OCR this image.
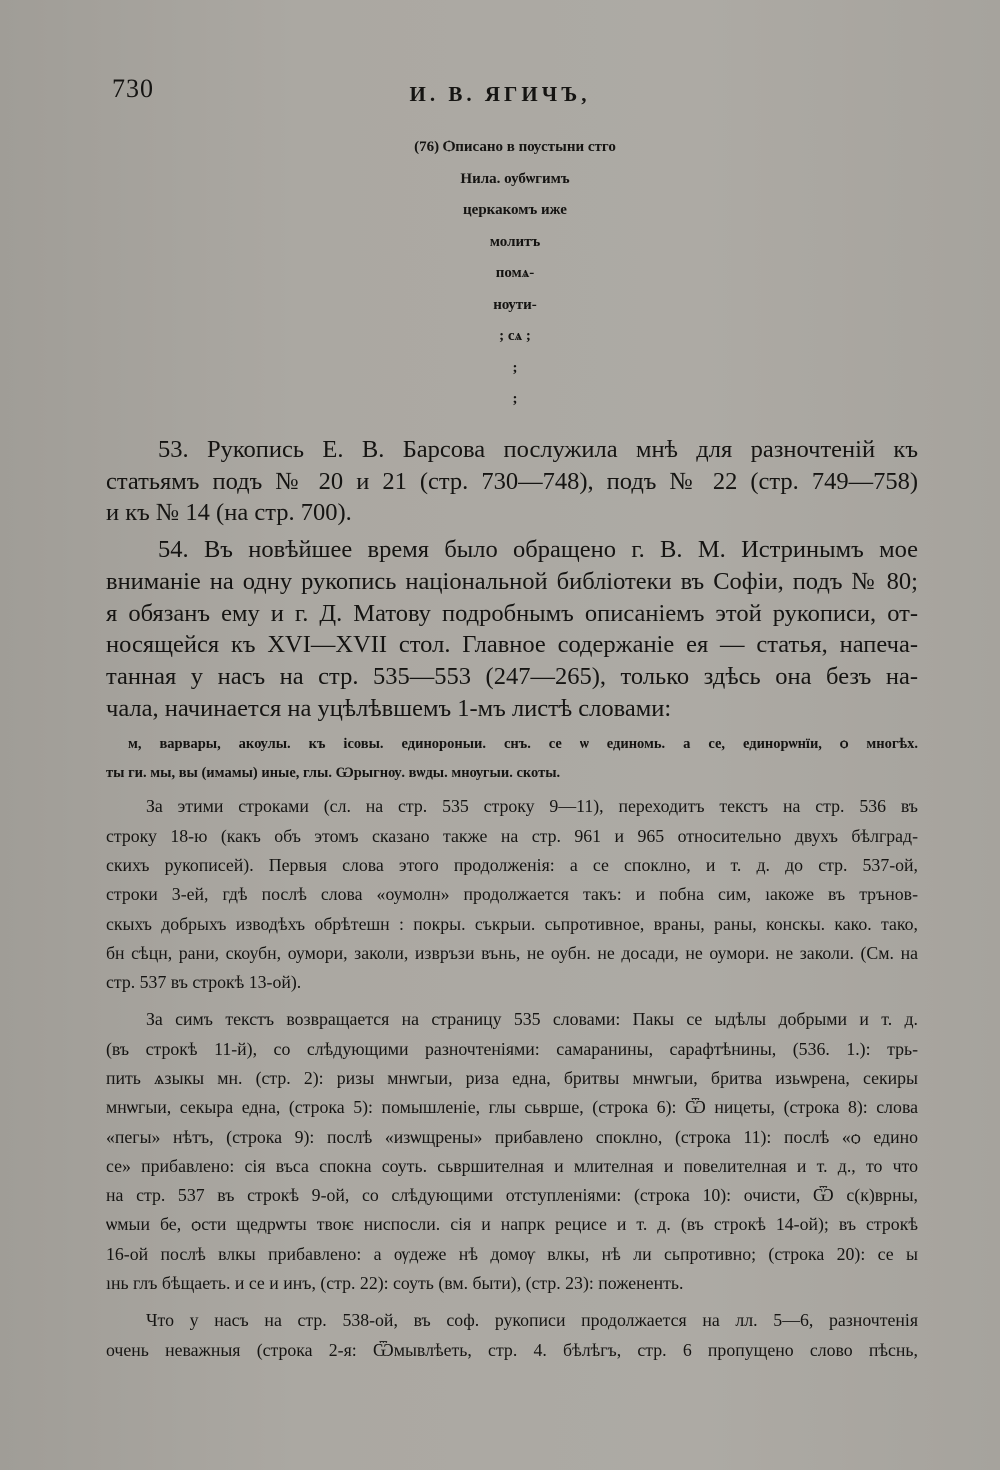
730	И. В. ЯГИЧЪ,
(76) Ѻписано в пѹстыни стго
Нила. оубѡгимъ
церкакомъ иже
молитъ
помѧ-
нѹти-
; сѧ ;
;
;
53. Рукопись Е. В. Барсова послужила мнѣ для разночтеній къ
статьямъ подъ № 20 и 21 (стр. 730—748), подъ № 22 (стр. 749—758)
и къ № 14 (на стр. 700).
54. Въ новѣйшее время было обращено г. В. М. Истринымъ мое
вниманіе на одну рукопись національной библіотеки въ Софіи, подъ № 80;
я обязанъ ему и г. Д. Матову подробнымъ описаніемъ этой рукописи, от-
носящейся къ XVI—XVII стол. Главное содержаніе ея — статья, напеча-
танная у насъ на стр. 535—553 (247—265), только здѣсь она безъ на-
чала, начинается на уцѣлѣвшемъ 1-мъ листѣ словами:
м, варвары, акѹлы. къ ісовы. единороныи. снъ. се ѡ единомь. а се, единорѡнїи, ѻ многѣх.
ты ги. мы, вы (имамы) иные, глы. Ѡрыгнѹ. вѡды. мнѹгыи. скоты.
За этими строками (сл. на стр. 535 строку 9—11), переходитъ текстъ на стр. 536 въ
строку 18-ю (какъ объ этомъ сказано также на стр. 961 и 965 относительно двухъ бѣлград-
скихъ рукописей). Первыя слова этого продолженія: а се споклно, и т. д. до стр. 537-ой,
строки 3-ей, гдѣ послѣ слова «оумолн» продолжается такъ: и побна сим, ıакоже въ трънов-
скыхъ добрыхъ изводѣхъ обрѣтешн : покры. съкрыи. сьпротивное, враны, раны, конскы. како. тако,
бн сѣцн, рани, скоубн, оумори, заколи, извръзи вънь, не оубн. не досади, не оумори. не заколи. (См. на
стр. 537 въ строкѣ 13-ой).
За симъ текстъ возвращается на страницу 535 словами: Пакы се ыдѣлы добрыми и т. д.
(въ строкѣ 11-й), со слѣдующими разночтеніями: самаранины, сарафтѣнины, (536. 1.): трь-
пить ѧзыкы мн. (стр. 2): ризы мнѡгыи, риза една, бритвы мнѡгыи, бритва изьѡрена, секиры
мнѡгыи, секыра една, (строка 5): помышленіе, глы сьвршe, (строка 6): Ѿ ницеты, (строка 8): слова
«пегы» нѣтъ, (строка 9): послѣ «изѡщрены» прибавлено споклно, (строка 11): послѣ «ѻ едино
се» прибавлено: сія въса спокна соуть. сьвршителная и млителная и повелителная и т. д., то что
на стр. 537 въ строкѣ 9-ой, со слѣдующими отступленіями: (строка 10): очисти, Ѿ с(к)врны,
ѡмыи бе, ѻсти щедрѡты твоѥ ниспосли. сія и напрк рецисе и т. д. (въ строкѣ 14-ой); въ строкѣ
16-ой послѣ влкы прибавлено: а ѹдеже нѣ домѹ влкы, нѣ ли сьпротивно; (строка 20): се ы
ıнь глъ бѣщаеть. и се и инъ, (стр. 22): соуть (вм. быти), (стр. 23): пожененть.
Что у насъ на стр. 538-ой, въ соф. рукописи продолжается на лл. 5—6, разночтенія
очень неважныя (строка 2-я: Ѿмывлѣеть, стр. 4. бѣлѣгъ, стр. 6 пропущено слово пѣснь,
